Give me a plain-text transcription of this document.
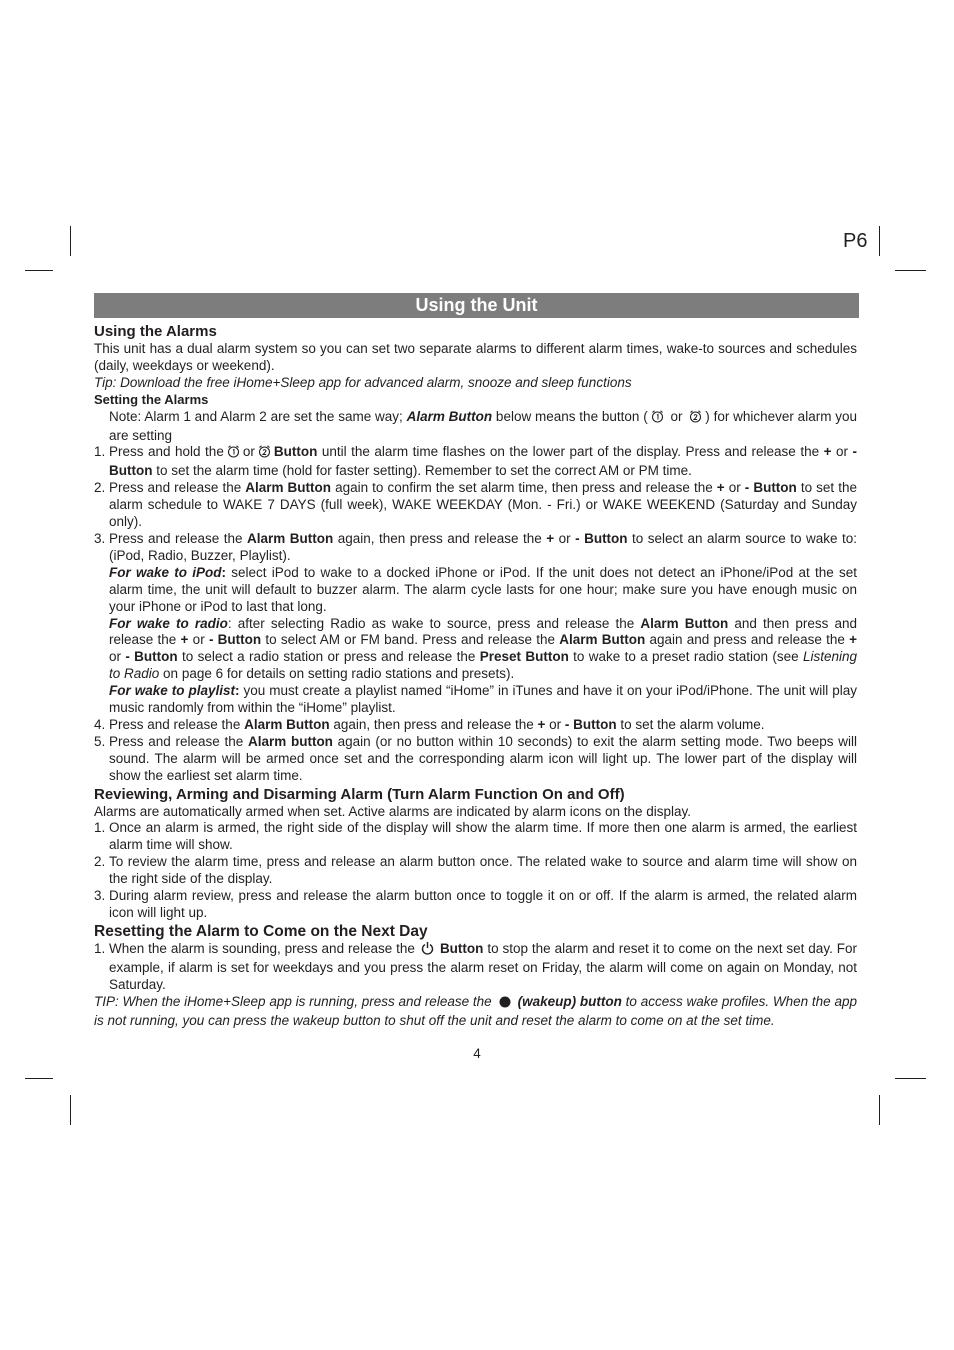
P6
Using the Unit

Using the Alarms

This unit has a dual alarm system so you can set two separate alarms to different alarm times, wake-to sources and schedules (daily, weekdays or weekend).

Tip: Download the free iHome+Sleep app for advanced alarm, snooze and sleep functions

Setting the Alarms

Note: Alarm 1 and Alarm 2 are set the same way; Alarm Button below means the button ( or ) for whichever alarm you are setting

1. Press and hold the or Button until the alarm time flashes on the lower part of the display. Press and release the + or - Button to set the alarm time (hold for faster setting). Remember to set the correct AM or PM time.
2. Press and release the Alarm Button again to confirm the set alarm time, then press and release the + or - Button to set the alarm schedule to WAKE 7 DAYS (full week), WAKE WEEKDAY (Mon. - Fri.) or WAKE WEEKEND (Saturday and Sunday only).
3. Press and release the Alarm Button again, then press and release the + or - Button to select an alarm source to wake to: (iPod, Radio, Buzzer, Playlist).

For wake to iPod: select iPod to wake to a docked iPhone or iPod. If the unit does not detect an iPhone/iPod at the set alarm time, the unit will default to buzzer alarm. The alarm cycle lasts for one hour; make sure you have enough music on your iPhone or iPod to last that long.

For wake to radio: after selecting Radio as wake to source, press and release the Alarm Button and then press and release the + or - Button to select AM or FM band. Press and release the Alarm Button again and press and release the + or - Button to select a radio station or press and release the Preset Button to wake to a preset radio station (see Listening to Radio on page 6 for details on setting radio stations and presets).

For wake to playlist: you must create a playlist named “iHome” in iTunes and have it on your iPod/iPhone. The unit will play music randomly from within the “iHome” playlist.

4. Press and release the Alarm Button again, then press and release the + or - Button to set the alarm volume.
5. Press and release the Alarm button again (or no button within 10 seconds) to exit the alarm setting mode. Two beeps will sound. The alarm will be armed once set and the corresponding alarm icon will light up. The lower part of the display will show the earliest set alarm time.

Reviewing, Arming and Disarming Alarm (Turn Alarm Function On and Off)

Alarms are automatically armed when set. Active alarms are indicated by alarm icons on the display.

1. Once an alarm is armed, the right side of the display will show the alarm time. If more then one alarm is armed, the earliest alarm time will show.
2. To review the alarm time, press and release an alarm button once. The related wake to source and alarm time will show on the right side of the display.
3. During alarm review, press and release the alarm button once to toggle it on or off. If the alarm is armed, the related alarm icon will light up.

Resetting the Alarm to Come on the Next Day

1. When the alarm is sounding, press and release the Button to stop the alarm and reset it to come on the next set day. For example, if alarm is set for weekdays and you press the alarm reset on Friday, the alarm will come on again on Monday, not Saturday.

TIP: When the iHome+Sleep app is running, press and release the (wakeup) button to access wake profiles. When the app is not running, you can press the wakeup button to shut off the unit and reset the alarm to come on at the set time.

4
